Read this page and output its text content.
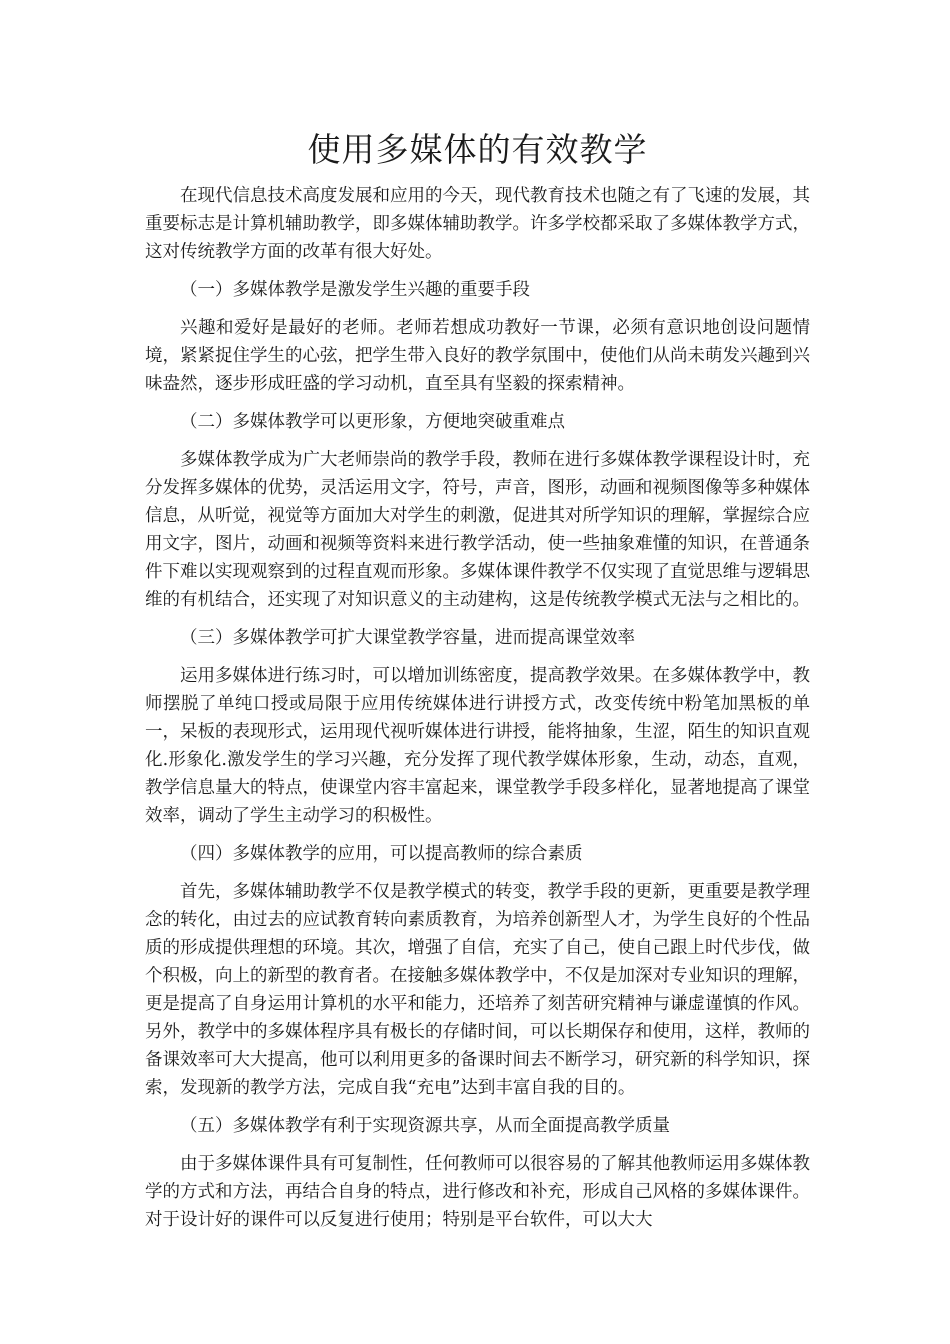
使用多媒体的有效教学

在现代信息技术高度发展和应用的今天，现代教育技术也随之有了飞速的发展，其重要标志是计算机辅助教学，即多媒体辅助教学。许多学校都采取了多媒体教学方式，这对传统教学方面的改革有很大好处。

（一）多媒体教学是激发学生兴趣的重要手段

兴趣和爱好是最好的老师。老师若想成功教好一节课，必须有意识地创设问题情境，紧紧捉住学生的心弦，把学生带入良好的教学氛围中，使他们从尚未萌发兴趣到兴味盎然，逐步形成旺盛的学习动机，直至具有坚毅的探索精神。

（二）多媒体教学可以更形象，方便地突破重难点

多媒体教学成为广大老师崇尚的教学手段，教师在进行多媒体教学课程设计时，充分发挥多媒体的优势，灵活运用文字，符号，声音，图形，动画和视频图像等多种媒体信息，从听觉，视觉等方面加大对学生的刺激，促进其对所学知识的理解，掌握综合应用文字，图片，动画和视频等资料来进行教学活动，使一些抽象难懂的知识，在普通条件下难以实现观察到的过程直观而形象。多媒体课件教学不仅实现了直觉思维与逻辑思维的有机结合，还实现了对知识意义的主动建构，这是传统教学模式无法与之相比的。

（三）多媒体教学可扩大课堂教学容量，进而提高课堂效率

运用多媒体进行练习时，可以增加训练密度，提高教学效果。在多媒体教学中，教师摆脱了单纯口授或局限于应用传统媒体进行讲授方式，改变传统中粉笔加黑板的单一，呆板的表现形式，运用现代视听媒体进行讲授，能将抽象，生涩，陌生的知识直观化.形象化.激发学生的学习兴趣，充分发挥了现代教学媒体形象，生动，动态，直观，教学信息量大的特点，使课堂内容丰富起来，课堂教学手段多样化，显著地提高了课堂效率，调动了学生主动学习的积极性。

（四）多媒体教学的应用，可以提高教师的综合素质

首先，多媒体辅助教学不仅是教学模式的转变，教学手段的更新，更重要是教学理念的转化，由过去的应试教育转向素质教育，为培养创新型人才，为学生良好的个性品质的形成提供理想的环境。其次，增强了自信，充实了自己，使自己跟上时代步伐，做个积极，向上的新型的教育者。在接触多媒体教学中，不仅是加深对专业知识的理解，更是提高了自身运用计算机的水平和能力，还培养了刻苦研究精神与谦虚谨慎的作风。另外，教学中的多媒体程序具有极长的存储时间，可以长期保存和使用，这样，教师的备课效率可大大提高，他可以利用更多的备课时间去不断学习，研究新的科学知识，探索，发现新的教学方法，完成自我“充电”达到丰富自我的目的。

（五）多媒体教学有利于实现资源共享，从而全面提高教学质量

由于多媒体课件具有可复制性，任何教师可以很容易的了解其他教师运用多媒体教学的方式和方法，再结合自身的特点，进行修改和补充，形成自己风格的多媒体课件。对于设计好的课件可以反复进行使用；特别是平台软件，可以大大
